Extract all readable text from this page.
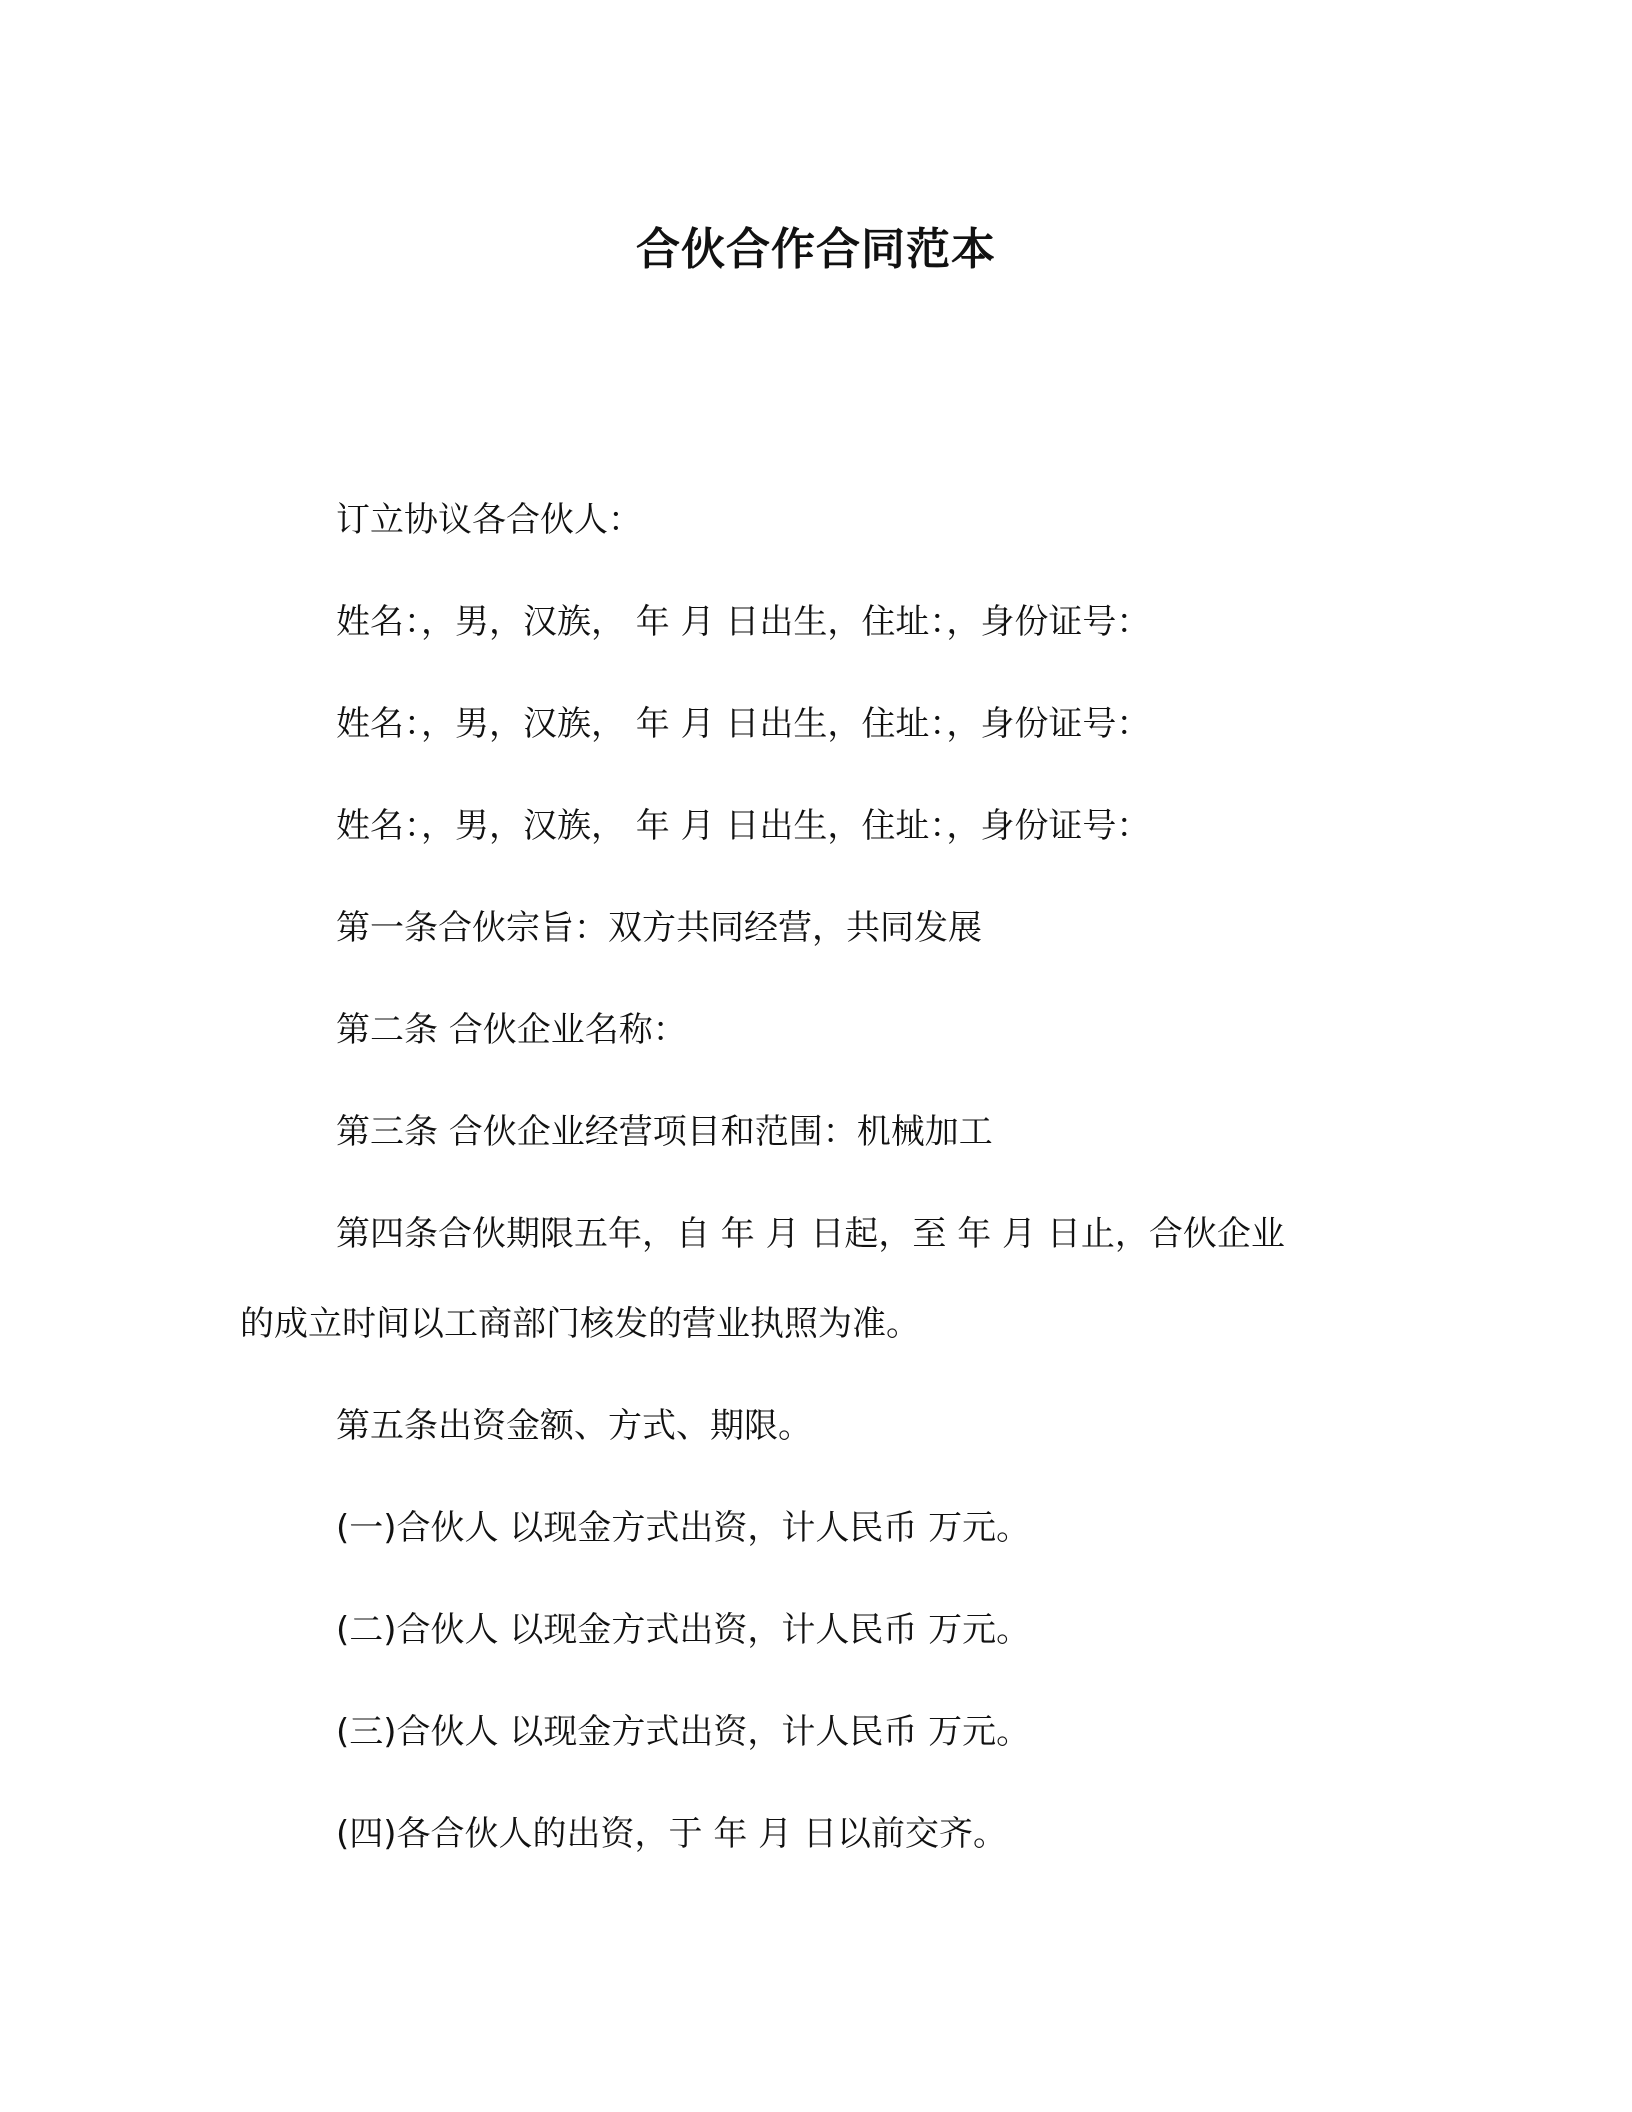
合伙合作合同范本
订立协议各合伙人：
姓名：，男，汉族， 年 月 日出生，住址：，身份证号：
姓名：，男，汉族， 年 月 日出生，住址：，身份证号：
姓名：，男，汉族， 年 月 日出生，住址：，身份证号：
第一条合伙宗旨：双方共同经营，共同发展
第二条 合伙企业名称：
第三条 合伙企业经营项目和范围：机械加工
第四条合伙期限五年，自 年 月 日起，至 年 月 日止，合伙企业
的成立时间以工商部门核发的营业执照为准。
第五条出资金额、方式、期限。
(一)合伙人 以现金方式出资，计人民币 万元。
(二)合伙人 以现金方式出资，计人民币 万元。
(三)合伙人 以现金方式出资，计人民币 万元。
(四)各合伙人的出资，于 年 月 日以前交齐。
